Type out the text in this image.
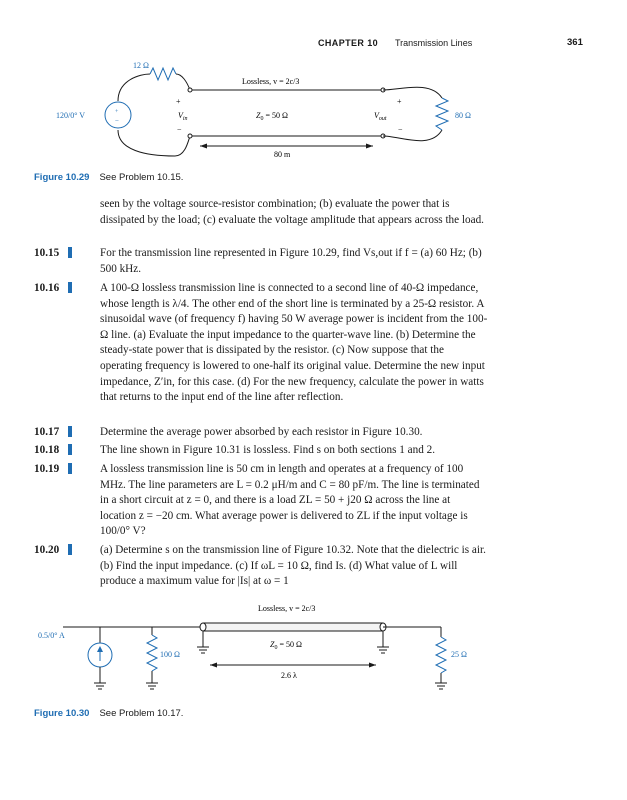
CHAPTER 10 Transmission Lines	361
+
−
120/0° V
12 Ω
+
$V_{in}$
−
Lossless, v = 2c/3
$Z_0 = 50$ Ω
+
$V_{out}$
−
80 Ω
80 m
Figure 10.29 See Problem 10.15.
seen by the voltage source-resistor combination; (b) evaluate the power that is dissipated by the load; (c) evaluate the voltage amplitude that appears across the load.
10.15	For the transmission line represented in Figure 10.29, find Vs,out if f = (a) 60 Hz; (b) 500 kHz.
10.16	A 100-Ω lossless transmission line is connected to a second line of 40-Ω impedance, whose length is λ/4. The other end of the short line is terminated by a 25-Ω resistor. A sinusoidal wave (of frequency f) having 50 W average power is incident from the 100-Ω line. (a) Evaluate the input impedance to the quarter-wave line. (b) Determine the steady-state power that is dissipated by the resistor. (c) Now suppose that the operating frequency is lowered to one-half its original value. Determine the new input impedance, Z′in, for this case. (d) For the new frequency, calculate the power in watts that returns to the input end of the line after reflection.
10.17	Determine the average power absorbed by each resistor in Figure 10.30.
10.18	The line shown in Figure 10.31 is lossless. Find s on both sections 1 and 2.
10.19	A lossless transmission line is 50 cm in length and operates at a frequency of 100 MHz. The line parameters are L = 0.2 μH/m and C = 80 pF/m. The line is terminated in a short circuit at z = 0, and there is a load ZL = 50 + j20 Ω across the line at location z = −20 cm. What average power is delivered to ZL if the input voltage is 100/0° V?
10.20	(a) Determine s on the transmission line of Figure 10.32. Note that the dielectric is air. (b) Find the input impedance. (c) If ωL = 10 Ω, find Is. (d) What value of L will produce a maximum value for |Is| at ω = 1
0.5/0° A
100 Ω
Lossless, v = 2c/3
$Z_0 = 50$ Ω
25 Ω
2.6 λ
Figure 10.30 See Problem 10.17.
